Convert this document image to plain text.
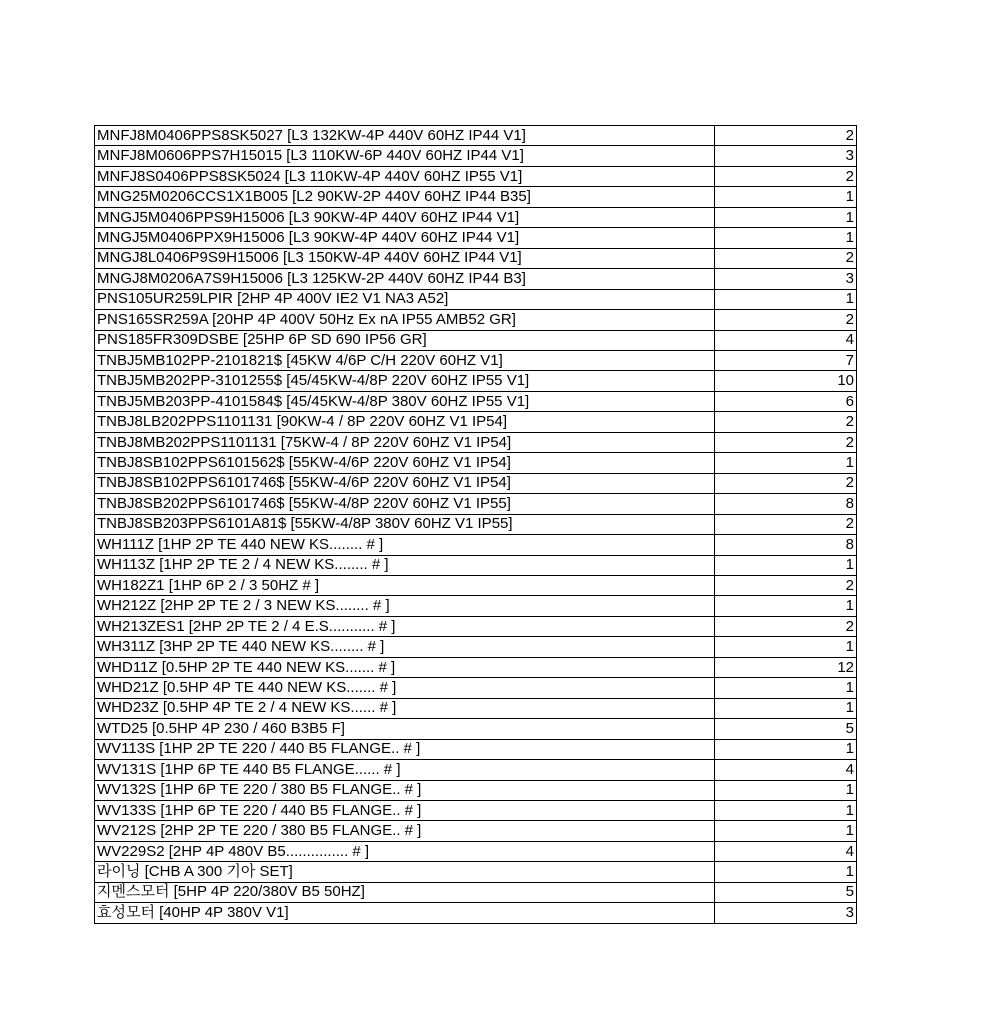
MNFJ8M0406PPS8SK5027 [L3 132KW-4P 440V 60HZ IP44 V1]	2
MNFJ8M0606PPS7H15015 [L3 110KW-6P 440V 60HZ IP44 V1]	3
MNFJ8S0406PPS8SK5024 [L3 110KW-4P 440V 60HZ IP55 V1]	2
MNG25M0206CCS1X1B005 [L2 90KW-2P 440V 60HZ IP44 B35]	1
MNGJ5M0406PPS9H15006 [L3 90KW-4P 440V 60HZ IP44 V1]	1
MNGJ5M0406PPX9H15006 [L3 90KW-4P 440V 60HZ IP44 V1]	1
MNGJ8L0406P9S9H15006 [L3 150KW-4P 440V 60HZ IP44 V1]	2
MNGJ8M0206A7S9H15006 [L3 125KW-2P 440V 60HZ IP44 B3]	3
PNS105UR259LPIR [2HP 4P 400V IE2 V1 NA3 A52]	1
PNS165SR259A [20HP 4P 400V 50Hz Ex nA IP55 AMB52 GR]	2
PNS185FR309DSBE [25HP 6P SD 690 IP56 GR]	4
TNBJ5MB102PP-2101821$ [45KW 4/6P C/H 220V 60HZ V1]	7
TNBJ5MB202PP-3101255$ [45/45KW-4/8P 220V 60HZ IP55 V1]	10
TNBJ5MB203PP-4101584$ [45/45KW-4/8P 380V 60HZ IP55 V1]	6
TNBJ8LB202PPS1101131 [90KW-4 / 8P 220V 60HZ V1 IP54]	2
TNBJ8MB202PPS1101131 [75KW-4 / 8P 220V 60HZ V1 IP54]	2
TNBJ8SB102PPS6101562$ [55KW-4/6P 220V 60HZ V1 IP54]	1
TNBJ8SB102PPS6101746$ [55KW-4/6P 220V 60HZ V1 IP54]	2
TNBJ8SB202PPS6101746$ [55KW-4/8P 220V 60HZ V1 IP55]	8
TNBJ8SB203PPS6101A81$ [55KW-4/8P 380V 60HZ V1 IP55]	2
WH111Z [1HP 2P TE 440 NEW KS........ # ]	8
WH113Z [1HP 2P TE 2 / 4 NEW KS........ # ]	1
WH182Z1 [1HP 6P 2 / 3 50HZ # ]	2
WH212Z [2HP 2P TE 2 / 3 NEW KS........ # ]	1
WH213ZES1 [2HP 2P TE 2 / 4 E.S........... # ]	2
WH311Z [3HP 2P TE 440 NEW KS........ # ]	1
WHD11Z [0.5HP 2P TE 440 NEW KS....... # ]	12
WHD21Z [0.5HP 4P TE 440 NEW KS....... # ]	1
WHD23Z [0.5HP 4P TE 2 / 4 NEW KS...... # ]	1
WTD25 [0.5HP 4P 230 / 460 B3B5 F]	5
WV113S [1HP 2P TE 220 / 440 B5 FLANGE.. # ]	1
WV131S [1HP 6P TE 440 B5 FLANGE...... # ]	4
WV132S [1HP 6P TE 220 / 380 B5 FLANGE.. # ]	1
WV133S [1HP 6P TE 220 / 440 B5 FLANGE.. # ]	1
WV212S [2HP 2P TE 220 / 380 B5 FLANGE.. # ]	1
WV229S2 [2HP 4P 480V B5............... # ]	4
라이닝 [CHB A 300 기아 SET]	1
지멘스모터 [5HP 4P 220/380V B5 50HZ]	5
효성모터 [40HP 4P 380V V1]	3
